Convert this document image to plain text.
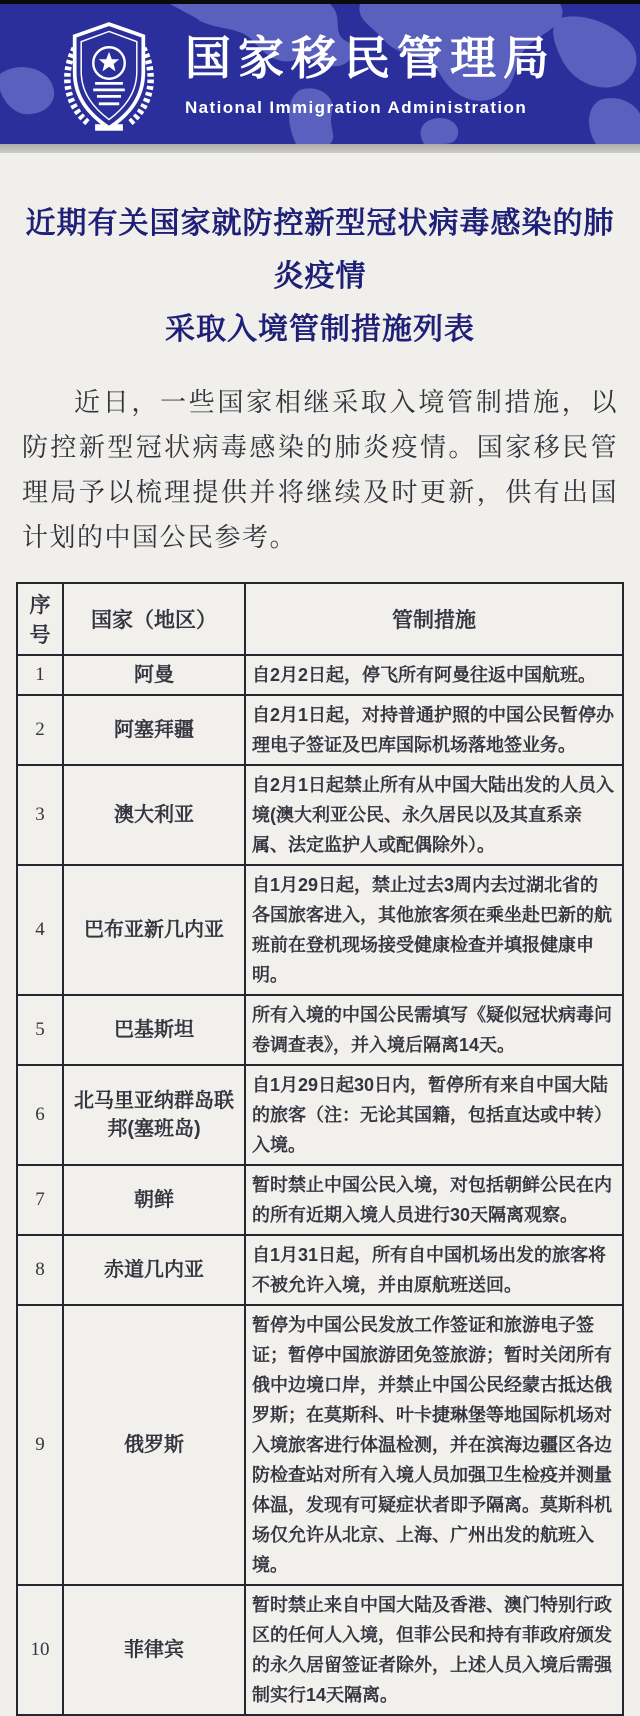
国家移民管理局
National Immigration Administration
近期有关国家就防控新型冠状病毒感染的肺炎疫情
采取入境管制措施列表

近日，一些国家相继采取入境管制措施，以防控新型冠状病毒感染的肺炎疫情。国家移民管理局予以梳理提供并将继续及时更新，供有出国计划的中国公民参考。

序号	国家（地区）	管制措施
1	阿曼	自2月2日起，停飞所有阿曼往返中国航班。
2	阿塞拜疆	自2月1日起，对持普通护照的中国公民暂停办理电子签证及巴库国际机场落地签业务。
3	澳大利亚	自2月1日起禁止所有从中国大陆出发的人员入境(澳大利亚公民、永久居民以及其直系亲属、法定监护人或配偶除外）。
4	巴布亚新几内亚	自1月29日起，禁止过去3周内去过湖北省的各国旅客进入，其他旅客须在乘坐赴巴新的航班前在登机现场接受健康检查并填报健康申明。
5	巴基斯坦	所有入境的中国公民需填写《疑似冠状病毒问卷调查表》，并入境后隔离14天。
6	北马里亚纳群岛联邦(塞班岛)	自1月29日起30日内，暂停所有来自中国大陆的旅客（注：无论其国籍，包括直达或中转）入境。
7	朝鲜	暂时禁止中国公民入境，对包括朝鲜公民在内的所有近期入境人员进行30天隔离观察。
8	赤道几内亚	自1月31日起，所有自中国机场出发的旅客将不被允许入境，并由原航班送回。
9	俄罗斯	暂停为中国公民发放工作签证和旅游电子签证；暂停中国旅游团免签旅游；暂时关闭所有俄中边境口岸，并禁止中国公民经蒙古抵达俄罗斯；在莫斯科、叶卡捷琳堡等地国际机场对入境旅客进行体温检测，并在滨海边疆区各边防检查站对所有入境人员加强卫生检疫并测量体温，发现有可疑症状者即予隔离。莫斯科机场仅允许从北京、上海、广州出发的航班入境。
10	菲律宾	暂时禁止来自中国大陆及香港、澳门特别行政区的任何人入境，但菲公民和持有菲政府颁发的永久居留签证者除外，上述人员入境后需强制实行14天隔离。
